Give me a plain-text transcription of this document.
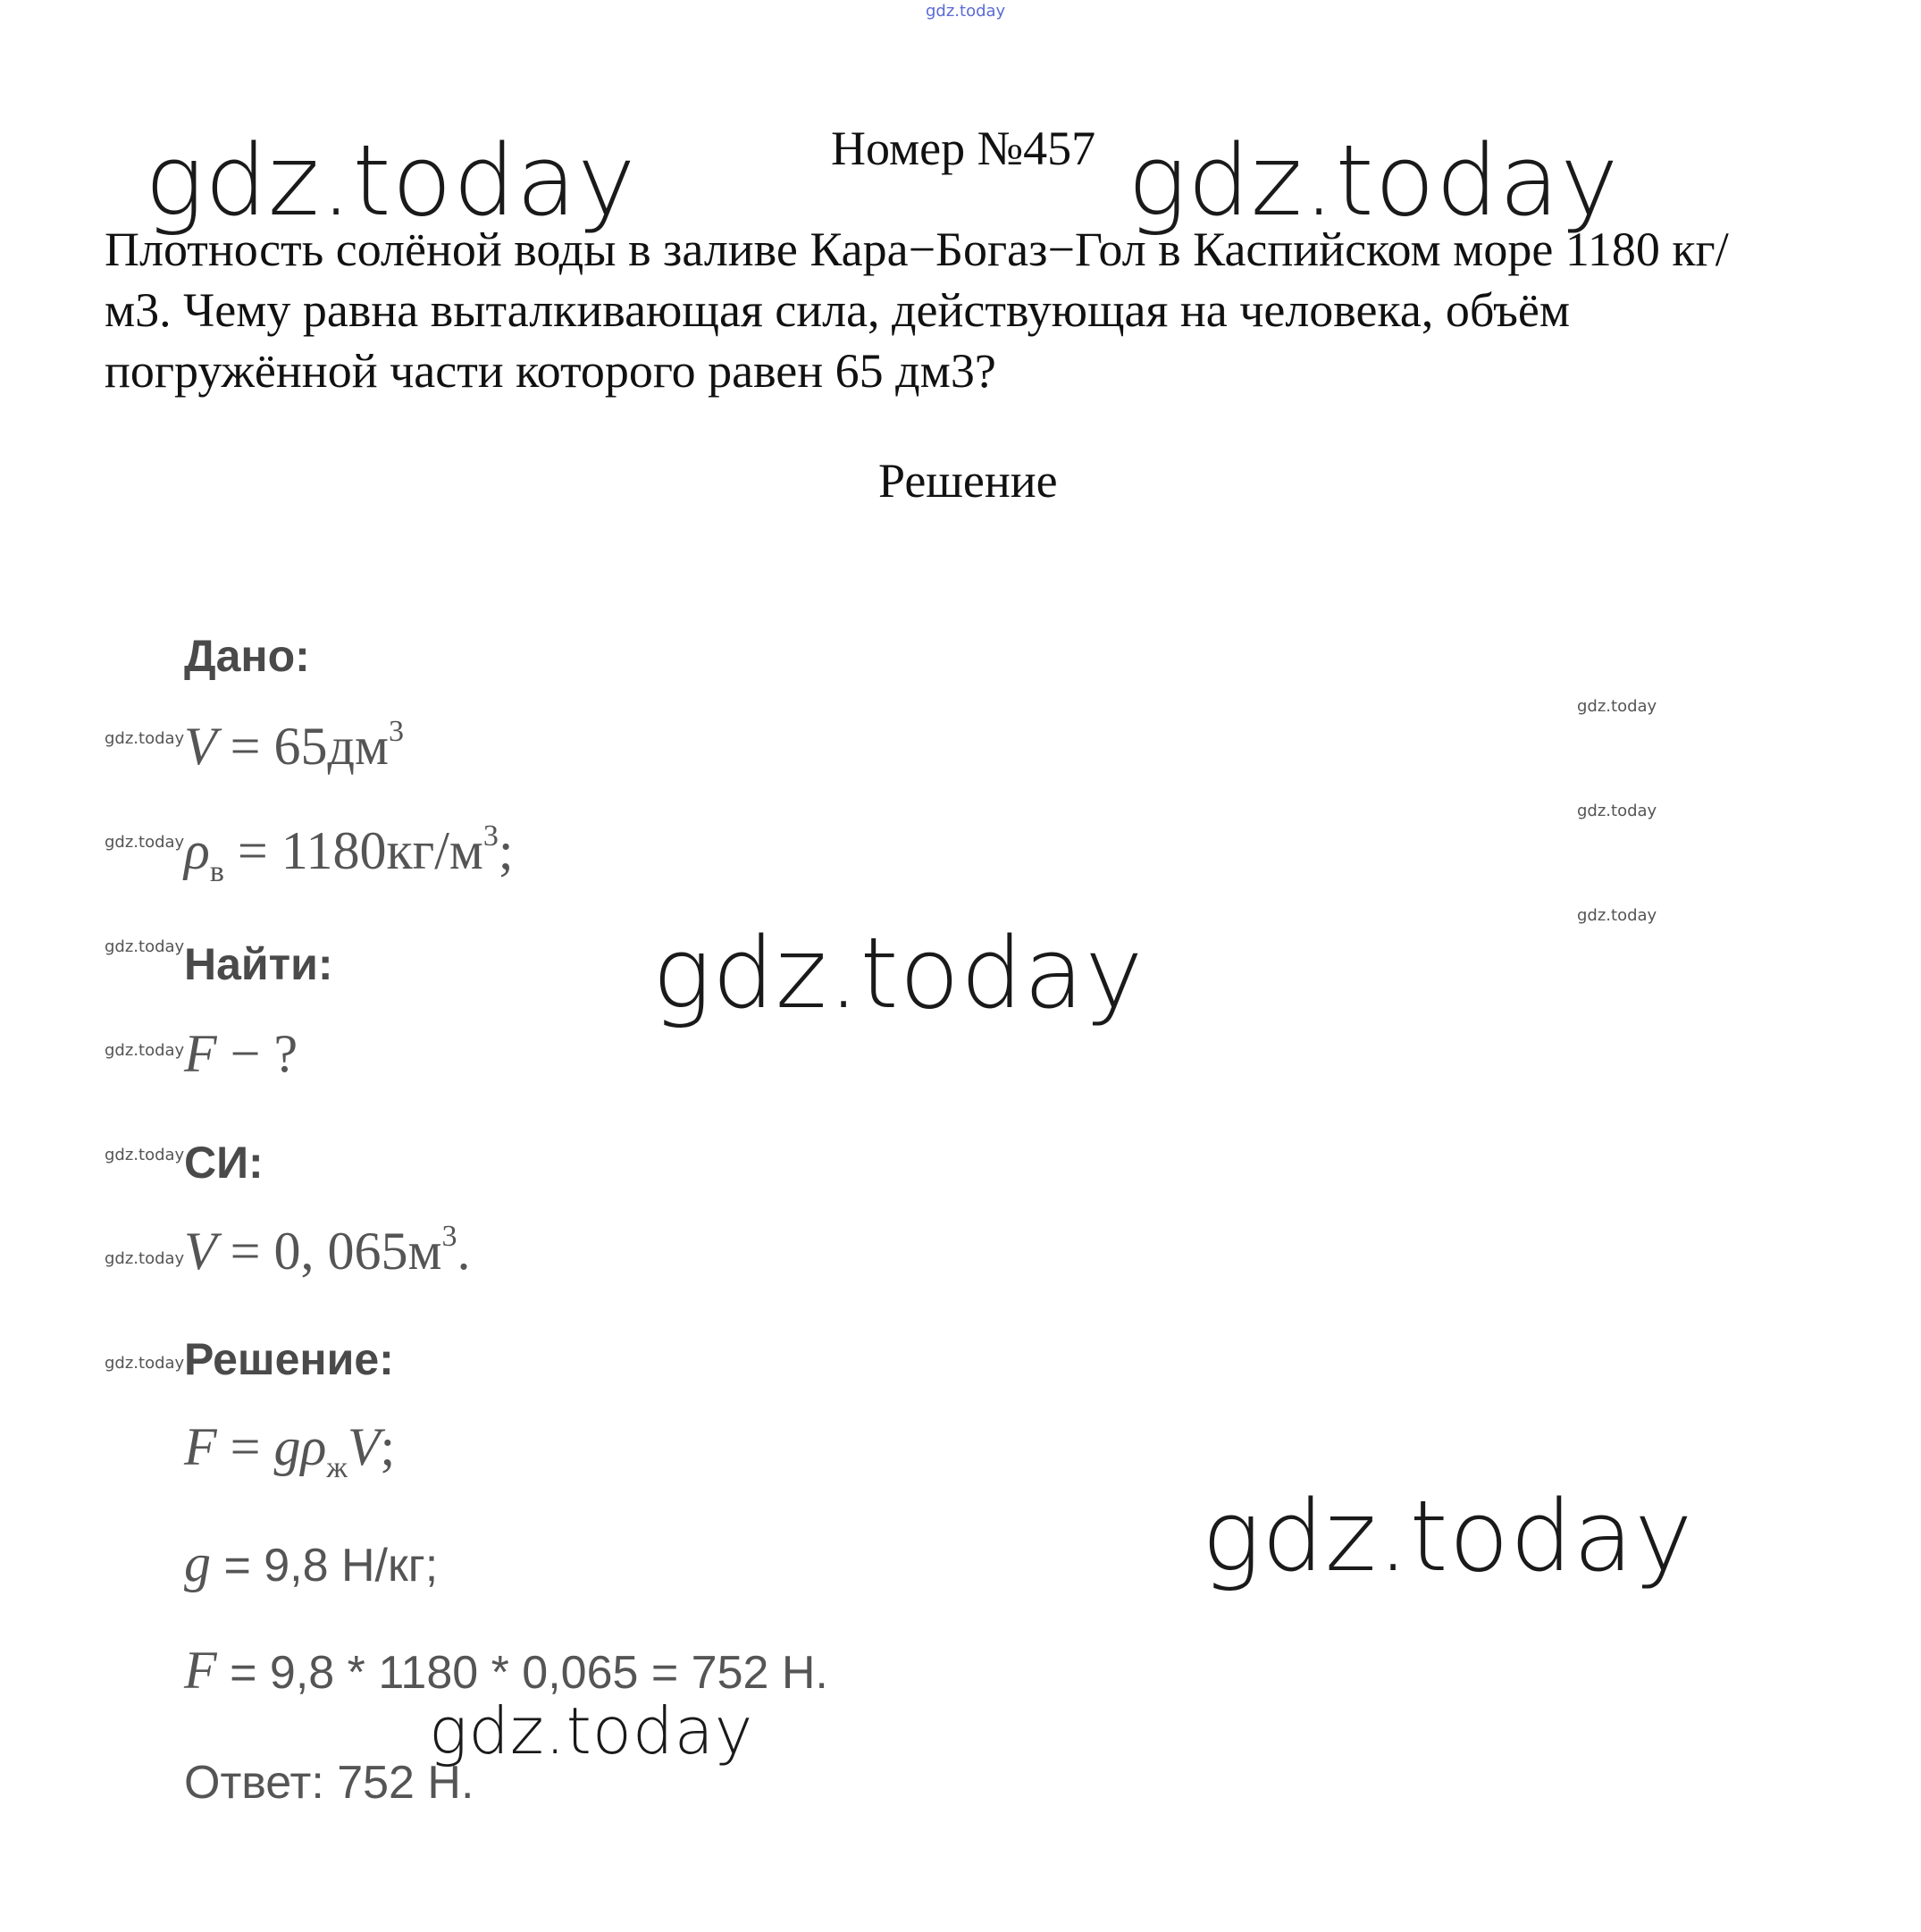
gdz.today
gdz.today	gdz.today
gdz.today
gdz.today
gdz.today
Номер №457
Плотность солёной воды в заливе Кара−Богаз−Гол в Каспийском море 1180 кг/м3. Чему равна выталкивающая сила, действующая на человека, объём погружённой части которого равен 65 дм3?
Решение
gdz.today
gdz.today
gdz.today
gdz.today
gdz.today
gdz.today
gdz.today
gdz.today
gdz.today
gdz.today
Дано:
$V = 65дм^3$
$\rho_в = 1180кг/м^3$;
Найти:
F − ?
СИ:
V = 0, $065м^3$.
Решение:
$F = g\rho_жV$;
g = 9,8 Н/кг;
F = 9,8 * 1180 * 0,065 = 752 Н.
Ответ: 752 Н.
